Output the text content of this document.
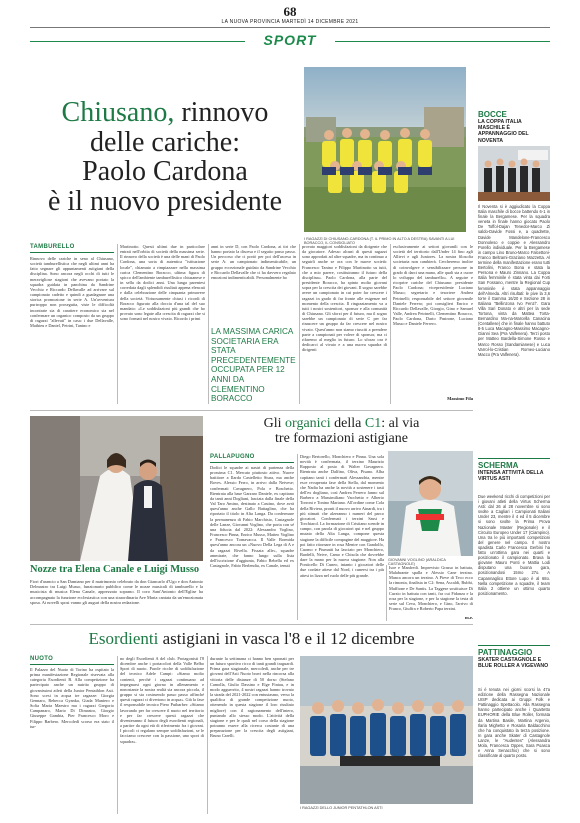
68
LA NUOVA PROVINCIA MARTEDÌ 14 DICEMBRE 2021
SPORT
Chiusano, rinnovo
delle cariche:
Paolo Cardona
è il nuovo presidente
I RAGAZZI DI CHIUSANO-CARDONA (T. IL PRIMO IN ALTO A DESTRA) SAVANTI A LUI BORACCO, IL CONSIGLIATO
TAMBURELLO
Rinnovo delle cariche in seno al Chiusano, società tamburellistica che negli ultimi anni ha fatto segnare gli appuntamenti astigiani della disciplina. Sono ancora negli occhi di tutti le meravigliose stagioni che avevano portato la squadra guidata in panchina da Sandrine Vecchio e Riccardo Dellavalle ad arrivare sul campionato cadetto e quindi a guadagnare una storica promozione in serie A. Un'avventura purtroppo non proseguita, viste le difficoltà incontrate sia di carattere economico sia nel confermare un organico composto da un gruppo di ragazzi "allevati" in casa: i due Dellavalle, Mathieu e Daniel, Petrini, Tanino e
Martinotto. Questi ultimi due in particolare entrati nell'orbita di società della massima serie. Il rinnovo della società è una delle mani di Paolo Cardona, una sorta di autentica "istituzione locale", chiamato a rimpiazzare nella massima carica Clementino Boracco, ultima figura di spicco dell'ambiente tamburellistico chiusanese e in sella da dodici anni. Una lunga parentesi corredata dagli splendidi risultati appena elencati e dalla celebrazione delle cinquanta primavere della società. Virtuosamente chiusi i ricordi di Boracco figurato alla doccia d'una tal del suo mandato: «Le soddisfazioni più grandi che ho provato sono legate alla crescita di ragazzi che si sono formati nel nostro vivaio. Ricordo i primi
anni in serie D, con Paolo Cardona, ai tiri che hanno portato la discesa e il seguito passo passo. Un percorso che ci portò per poi dell'ascesa in serie A: un campionato indimenticabile, un gruppo eccezionale guidato da Sandrine Vecchio e Riccardo Dellavalle che ci ha davvero regalato emozioni indimenticabili. Personalmente ho
LA MASSIMA CARICA SOCIETARIA ERA STATA PRECEDENTEMENTE OCCUPATA PER 12 ANNI DA CLEMENTINO BORACCO
provato maggiori soddisfazioni da dirigente che da giocatore. Adesso alcuni di questi ragazzi sono approdati ad altre squadre, ma in continuo a seguirli anche se ora con le nuove società: Francesco Tanino e Filippo Martinotto su tutti, che a mio parere, costituiranno il futuro della disciplina». Paolo Cardona, alla parte del presidente Boracco, ha spinto molto giovani sopra per la crescita dei giovani. Il sogno sarebbe avere un campionato in cui poter far crescere i ragazzi in grado di far fronte alle esigenze nel momento della crescita. Il ringraziamento va a tutti i nostri sostenitori, sponsor e alla comunità di Chiusano. Gli sforzi per il futuro, ma il sogno sarebbe un campionato di serie C per far rinascere un gruppo da far crescere nel nostro vivaio. Quest'anno non siamo riusciti a prendere parte a campionati per volere di sponsor, ma ci rifaremo al meglio in futuro. Lo sforzo ora è dedicarci al vivaio e a una nuova squadra di dirigenti
esclusivamente ai settori giovanili con le società del territorio dall'Under 14 fino agli Allievi e agli Juniores. La nostra filosofia societaria non cambierà. Cercheremo inoltre di coinvolgere e sensibilizzare persone in grado di darci una mano, alle quali sta a cuore lo sviluppo del tamburello». A seguire e ricoprire cariche del Chiusano: presidente Paolo Cardona; vicepresidente Luciano Musso; segretario e tesoriere Andrea Petrinelli; responsabile del settore giovanile Daniele Ferrero; poi consiglieri Enrico e Riccardo Dellavalle, Giorgio, Gino e Samuel Valle, Andrea Petrinelli, Clementino Boracco, Paolo Cardona, Dario Pastrone, Luciano Musso e Daniele Ferrero.
Massimo Fila
Nozze tra Elena Canale e Luigi Musso
Fiori d'arancio a San Damiano per il matrimonio celebrato da don Giancarlo d'Ugo e don Antonio Delmastro tra Luigi Musso, funzionario pubblico come le nozze musicali di tamburello e la musicista di musica Elena Canale, apprezzato soprano. Il coro Sant'Antonio dell'Eglise ha accompagnato la funzione ecclesiastica con una straordinaria Ave Maria cantata da un'emozionata sposa. Ai novelli sposi vanno gli auguri della nostra redazione.
Gli organici della C1: al via
tre formazioni astigiane
PALLAPUGNO
Dodici le squadre ai nastri di partenza della prossima C1. Mercato piuttosto attivo. Nuove battitore a Ilarda Castelletto Stura, ma anche Boves. Alessio Ferro, in arrivo dalla Neivese; confermati Cavagnero, Pola e Boschetto. Rientrata alla base Garzaro Daniele, ex capitano da tanti anni Dogliani, lasciata dalla finale della Val Taro Amino, destinato a Castino, dove avrà quest'anno anche Gallo Battaglino, che ha riportato il titolo in Alta Langa. Da confermare la permanenza di Fabio Marchisio, Castagnole delle Lanze, Giovanni Voglino, che porta con sé una fiducia dal 2022: Alessandro Voglino, Francesco Pinna, Enrico Musso, Matteo Voglino e Francesco Tornavacca. Il Valle Bormida quest'anno ancora un «Nuovo Della Lega di A e da ragazzi Rivella. Fissata alle», squadre ammirate, che fanno lungo sulla lista dell'iscrizione d'aggiunta, Fabio Rebella ed ex Castagnole, Fabio Berlendia, ex Canale, tenuti
Diego Bertorello, Monchiero e Pinna. Una sola novità è confermata, il terzino Maurizio Rapposto al posto di Walter Gavagnero. Rientrata anche Dalfino, Oliva, Pisano. Alba capitano tanti i confermati Alessandria, mentre esce recuperata fase della Stella, dal momento che Nadia ha anche la novità a sostenere i tasti dell'ex dogliano, così Andrea Ferrero fanno sul Barbero a Massimiliano Vacchetto e Alberto Torroni e Tonino Mariano. All'ordine come Cola della Riviera, pronti il nuovo arrivo Ainardi, tra i più stimati che alzeranno i numeri del parco giocatori. Confermati i terzini Sassi e Torchiarol. La formazione di Cristiano scende in campo, con parola di giocatori qui e nel gruppo mutato della Alta Langa, compone questa stagione la difficile compagine del maggiore. Ha poi fatto ritornare in rosa Mentre con Gandolfo, Cuomo e Piumatti ha lasciato per Monchiero, Bardelli, Neive, Camo e Chisola che dovrebbe dare la mano per la nuova stagione. Non alla Ponticello Di Cuneo, intanto i giocatori delle due cordate attese dal Nord, i cuneesi tra i più attesi in lizza nel ruolo delle più grande.
GIOVANNI VOGLINO (ARALDICA CASTAGNOLE)
Isoe e Manfredi. Imprevisto Grasso in battuta, Malabrante spalla e Alessio Cane terzino. Manca ancora un terzino. A Pieve di Teco ecco la rimonta, finalista in C2: Sena, Ascaldi, Bubbi, Maffione e De Santis. La Taggese sostituisce Di Curzio in battuta con tanti, fra cui Fidanza e la rosa per la stagione, e per la stagione la testa di serie sul Ceva, Monchiero, e Gino, l'arrivo di Franco, Giuffra e Roberto Papa terzini.
m.e.
Esordienti astigiani in vasca l'8 e il 12 dicembre
NUOTO
Il Palazzo del Nuoto di Torino ha ospitato la prima manifestazione Regionale riservata alla categoria Esordienti B. Alla competizione ha partecipato anche un nutrito gruppo di giovanissimi atleti della Junior Pentathlon Asti. Sono scesi in acqua tre ragazze: Giorgia Gennaro, Rebecca Gyanka, Giada Maniero e Sofia Maria Maestro ma i ragazzi Gregorio Campanaro, Mario Di Dimastro, Giorgio Giuseppe Gambia, Pier Francesco Moro e Filippo Barbero. Mercoledì scorso era stato il tur-
no degli Esordienti A del club. Protagonisti l'8 dicembre anche i portacolori della Valle Belbo Sport di nuoto. Parole ricche di soddisfazione del tecnico Adele Campi: «Siamo molto contenti, perché i ragazzi continuano ad impegnarsi ogni giorno in allenamento e nonostante la nostra realtà sia ancora piccola, il gruppo si sta costruendo passo passo affinché questi ragazzi ci divertono in acqua». Già la fase il responsabile tecnico Piero Putbarber: «Stiamo lavorando per far crescere il nuoto nel territorio e per far crescere questi ragazzi che diventeranno il futuro degli esordienti regionali, a partire da ogni età di riferimento fra i giovani. I piccoli ci regalano sempre soddisfazioni, se le facciamo crescere con la passione, uno sport di squadra».
durante la settimana ci hanno ben spronati per un futuro sportivo ricco di tanti grandi traguardi. Prima gara stagionale, mercoledì, anche per tre giovani dell'Asti Nuoto bravi nella rincorsa alla vittoria delle distanze di 50 dorso (Stefano Camolla, Giulio Dassino e Elge Finiau, e in modo agguerrito, 4 nostri ragazzi hanno trovato la strada del 2021-2022 con entusiasmo, verso la qualifica di grande competizione nuoto, ottenendo in questa stagione il loro risultato migliore) con il ragionamento dell'intero, puntando allo stesso modo. L'attività della stagione e per le quali nel corso della stagione potranno essere alla ricerca costante di una preparazione per la crescita degli astigiani, Bruno Carelli.
I RAGAZZI DELLO JUNIOR PENTATHLON ASTI
BOCCE
LA COPPA ITALIA MASCHILE È APPANNAGGIO DEL NOVENTA
Il Noventa si è aggiudicato la Coppa Italia maschile di bocce battendo 6-1 in finale la Bergamese. Per la squadra veneta in finale hanno giocato Paolo De Toffol-Dajan Tenedor-Marco Zi saldo-Davide Fossi e, a quadrette, Davide Mandelone-Francesco Donnoleso e coppie e Alessandro Porello individuale. Per la Bergamese in campo Lino Bruno-Marco Falcettoni-Franco Beltrami-Graziano Mazzetta. Al termine della manifestazione erano tutti Bertolini, Franco Bona e stata la Persona e Mauro Zinnano. La Coppa Italia femminile è stata vinta dai Forti San Fossano, mentre la Regional Cup femminile è stata appannaggio dell'Almeda. Altri risultati: le pive la 3,6 torre il Gamma 16/20 e Sezione 28 in Italiana "Bellinzona Ivo Fenzi". Gara Villa Sari Donato e altri per la sede Tortona, vinta da Mattea Torta-Bernardino Ma-na-Marcella Canacina (Centallese) che in finale hanno battuto 8-5 Luca Macagno-Massimo Macagno-Gianni Sea (Pra Valfenera). Terzi posto per Matteo Bardella-Simone Rosso e Marco Rosso (Sandamianese) e Luca Varrol-lo-Cristian Romeo-Luciano Macco (Pra Valfenera).
SCHERMA
INTENSA ATTIVITÀ DELLA VIRTUS ASTI
Due weekend ricchi di competizioni per i giovani atleti della Virtus Scherma Asti: dal 26 al 28 novembre si sono svolte a Cagliari i Campionati Italiani Under 23, mentre il 4 ed il 5 dicembre si sono svolte la Prima Prova Nazionale Master (Regionale) e il Circuito Europeo Under 17 (Ciampino). Una tra le più importanti competizioni del genere nel campo. Il nostro spadista Carlo Francesca Gerbini ha fatto un'ottima gara nei quarti e posizionato il campionato. Brava la giovane Mauro Ponti e Mattia Lodi disputano una buona gara, posizionandosi 15mo 27o. A Capannaglico Ettore Lupo è al 68o. Nella competizione a squadre, il team Italia 2 ottiene un ottimo quarto posizionamento.
PATTINAGGIO
SKATER CASTAGNOLE E BLUE ROLLER A VIGEVANO
Si è tenuta nei giorni scorsi la 47a edizione della Rassegna Nazionale UISP dedicata ai Gruppi Folk e Pattinaggio Spettacolo. Alla Rassegna hanno partecipato anche i Quartetto EUPHORIE della Blue Roller, formata da Martina Basile, Martina Argenio, Ilaria Mighetto e Rosaria Baldacchino che ha conquistato la terza posizione. In gara anche Skater di Castagnole Lanze, le "Audentes" (Alessandra Mola, Francesca Oppes, Sara Poasca e Anna Senacchio) che si sono classificate al quarto posto.
